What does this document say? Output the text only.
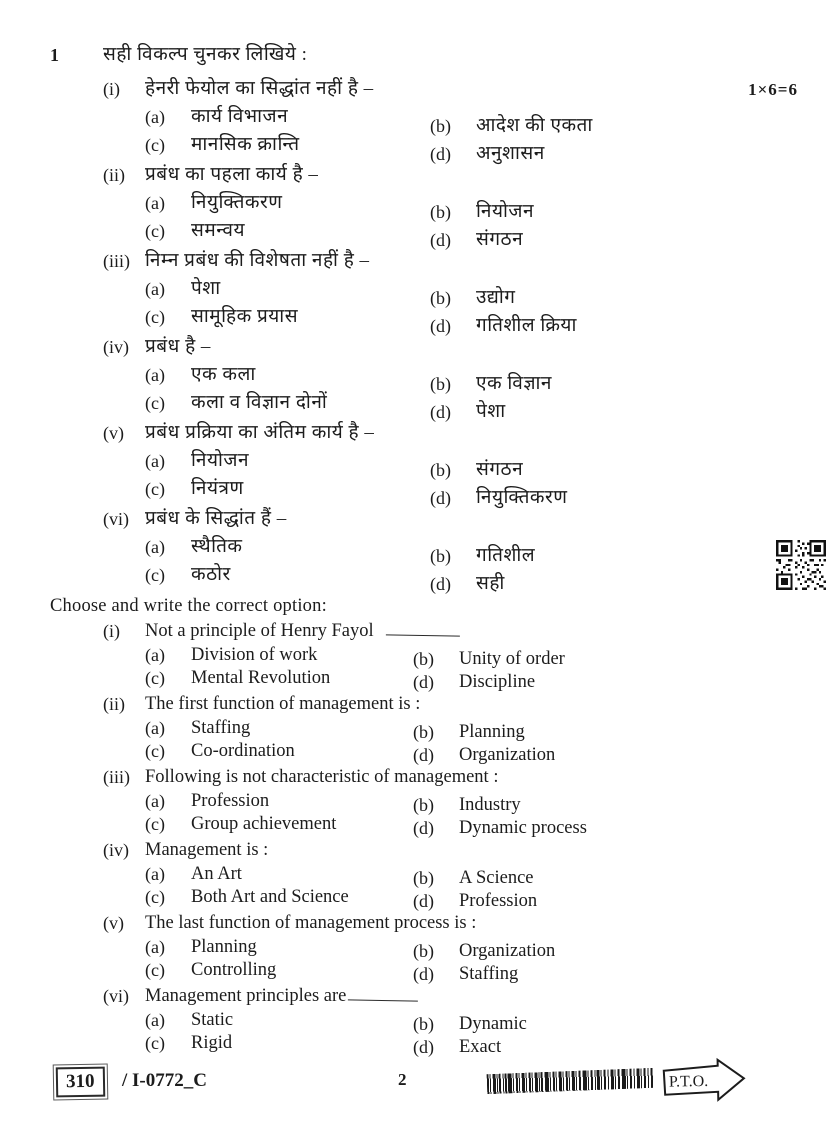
1	सही विकल्प चुनकर लिखिये :
(i)	हेनरी फेयोल का सिद्धांत नहीं है –	1×6=6
(a)	कार्य विभाजन	(b)	आदेश की एकता
(c)	मानसिक क्रान्ति	(d)	अनुशासन
(ii)	प्रबंध का पहला कार्य है –
(a)	नियुक्तिकरण	(b)	नियोजन
(c)	समन्वय	(d)	संगठन
(iii) निम्न प्रबंध की विशेषता नहीं है –
(a)	पेशा	(b)	उद्योग
(c)	सामूहिक प्रयास	(d)	गतिशील क्रिया
(iv) प्रबंध है –
(a)	एक कला	(b)	एक विज्ञान
(c)	कला व विज्ञान दोनों	(d)	पेशा
(v)	प्रबंध प्रक्रिया का अंतिम कार्य है –
(a)	नियोजन	(b)	संगठन
(c)	नियंत्रण	(d)	नियुक्तिकरण
(vi) प्रबंध के सिद्धांत हैं –
(a)	स्थैतिक	(b)	गतिशील
(c)	कठोर	(d)	सही
Choose and write the correct option:
(i)	Not a principle of Henry Fayol
(a)	Division of work	(b)	Unity of order
(c)	Mental Revolution	(d)	Discipline
(ii)	The first function of management is :
(a)	Staffing	(b)	Planning
(c)	Co-ordination	(d)	Organization
(iii) Following is not characteristic of management :
(a)	Profession	(b)	Industry
(c)	Group achievement	(d)	Dynamic process
(iv) Management is :
(a)	An Art	(b)	A Science
(c)	Both Art and Science	(d)	Profession
(v)	The last function of management process is :
(a)	Planning	(b)	Organization
(c)	Controlling	(d)	Staffing
(vi) Management principles are
(a)	Static	(b)	Dynamic
(c)	Rigid	(d)	Exact
310	/ I-0772_C	2	P.T.O.
